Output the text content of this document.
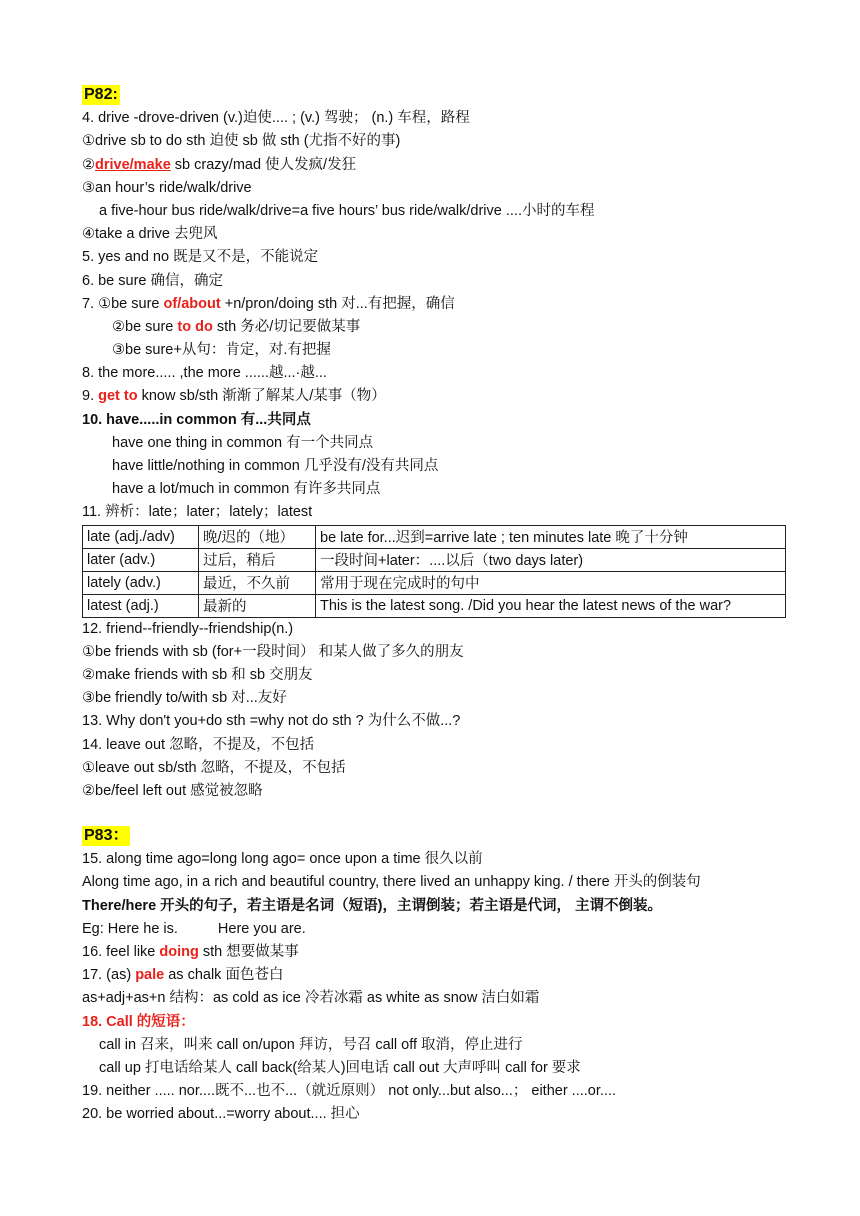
P82:
4. drive -drove-driven (v.)迫使.... ; (v.) 驾驶； (n.) 车程，路程
①drive sb to do sth 迫使 sb 做 sth (尤指不好的事)
②drive/make sb crazy/mad 使人发疯/发狂
③an hour’s ride/walk/drive
a five-hour bus ride/walk/drive=a five hours’ bus ride/walk/drive ....小时的车程
④take a drive 去兜风
5. yes and no 既是又不是，不能说定
6. be sure 确信，确定
7. ①be sure of/about +n/pron/doing sth 对...有把握，确信
②be sure to do sth 务必/切记要做某事
③be sure+从句：肯定，对.有把握
8. the more..... ,the more ......越...·越...
9. get to know sb/sth 渐渐了解某人/某事（物）
10. have.....in common 有...共同点
have one thing in common 有一个共同点
have little/nothing in common 几乎没有/没有共同点
have a lot/much in common 有许多共同点
11. 辨析：late；later；lately；latest
late (adj./adv)	晚/迟的（地）	be late for...迟到=arrive late ; ten minutes late 晚了十分钟
later (adv.)	过后，稍后	一段时间+later：....以后（two days later)
lately (adv.)	最近，不久前	常用于现在完成时的句中
latest (adj.)	最新的	This is the latest song. /Did you hear the latest news of the war?
12. friend--friendly--friendship(n.)
①be friends with sb (for+一段时间） 和某人做了多久的朋友
②make friends with sb 和 sb 交朋友
③be friendly to/with sb 对...友好
13. Why don't you+do sth =why not do sth ? 为什么不做...?
14. leave out 忽略，不提及，不包括
①leave out sb/sth 忽略，不提及，不包括
②be/feel left out 感觉被忽略
P83：
15. along time ago=long long ago= once upon a time 很久以前
Along time ago, in a rich and beautiful country, there lived an unhappy king. / there 开头的倒装句
There/here 开头的句子，若主语是名词（短语)，主谓倒装；若主语是代词， 主谓不倒装。
Eg: Here he is.	Here you are.
16. feel like doing sth 想要做某事
17. (as) pale as chalk 面色苍白
as+adj+as+n 结构：as cold as ice 冷若冰霜 as white as snow 洁白如霜
18. Call 的短语：
call in 召来，叫来 call on/upon 拜访，号召 call off 取消，停止进行
call up 打电话给某人 call back(给某人)回电话 call out 大声呼叫 call for 要求
19. neither ..... nor....既不...也不...（就近原则） not only...but also...； either ....or....
20. be worried about...=worry about.... 担心
